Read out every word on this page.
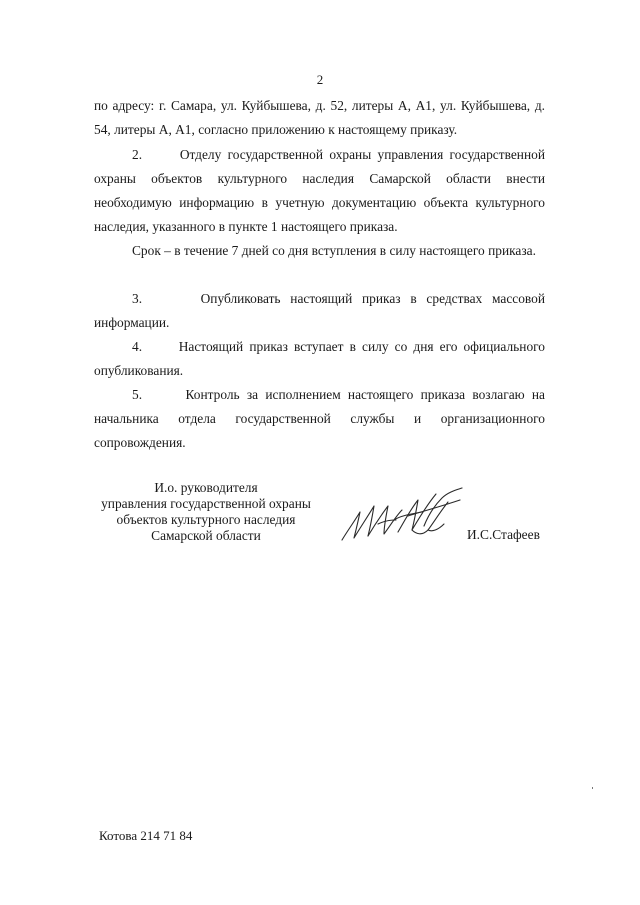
2
по адресу: г. Самара, ул. Куйбышева, д. 52, литеры А, А1, ул. Куйбышева, д. 54, литеры А, А1, согласно приложению к настоящему приказу.
2.      Отделу государственной охраны управления государственной охраны объектов культурного наследия Самарской области внести необходимую информацию в учетную документацию объекта культурного наследия, указанного в пункте 1 настоящего приказа.
Срок – в течение 7 дней со дня вступления в силу настоящего приказа.
3.      Опубликовать настоящий приказ в средствах массовой информации.
4.      Настоящий приказ вступает в силу со дня его официального опубликования.
5.      Контроль за исполнением настоящего приказа возлагаю на начальника отдела государственной службы и организационного сопровождения.
И.о. руководителя
управления государственной охраны
объектов культурного наследия
Самарской области	И.С.Стафеев
Котова 214 71 84
